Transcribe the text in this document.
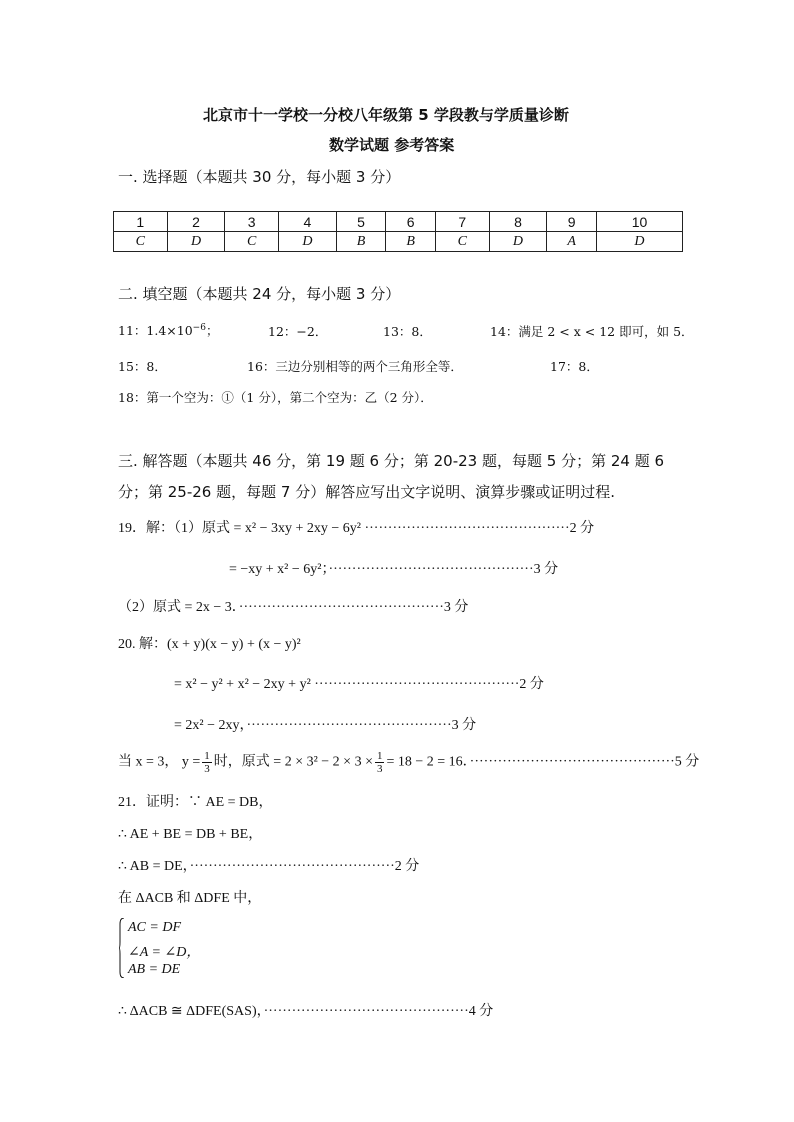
北京市十一学校一分校八年级第 5 学段教与学质量诊断
数学试题 参考答案
一. 选择题（本题共 30 分，每小题 3 分）
1	2	3	4	5	6	7	8	9	10
C	D	C	D	B	B	C	D	A	D
二. 填空题（本题共 24 分，每小题 3 分）
11：$1.4\times 10^{-6}$；	12：−2．	13：8．	14：满足 2 < x < 12 即可，如 5．
15：8．	16：三边分别相等的两个三角形全等．	17：8．
18：第一个空为：①（1 分），第二个空为：乙（2 分）．
三. 解答题（本题共 46 分，第 19 题 6 分；第 20-23 题，每题 5 分；第 24 题 6
分；第 25-26 题，每题 7 分）解答应写出文字说明、演算步骤或证明过程.
19．解：（1）原式 = x² − 3xy + 2xy − 6y² ············································2 分
= −xy + x² − 6y²；············································3 分
（2）原式 = 2x − 3．············································3 分
20. 解：(x + y)(x − y) + (x − y)²
= x² − y² + x² − 2xy + y² ············································2 分
= 2x² − 2xy，············································3 分
当 x = 3， $y = \frac{1}{3}$ 时，原式 = $2 \times 3^2 - 2 \times 3 \times \frac{1}{3} = 18 - 2 = 16$．············································5 分
21．证明：∵ AE = DB，
∴ AE + BE = DB + BE，
∴ AB = DE，············································2 分
在 ΔACB 和 ΔDFE 中，
AC = DF
∠A = ∠D，
AB = DE
∴ ΔACB ≅ ΔDFE(SAS)，············································4 分
